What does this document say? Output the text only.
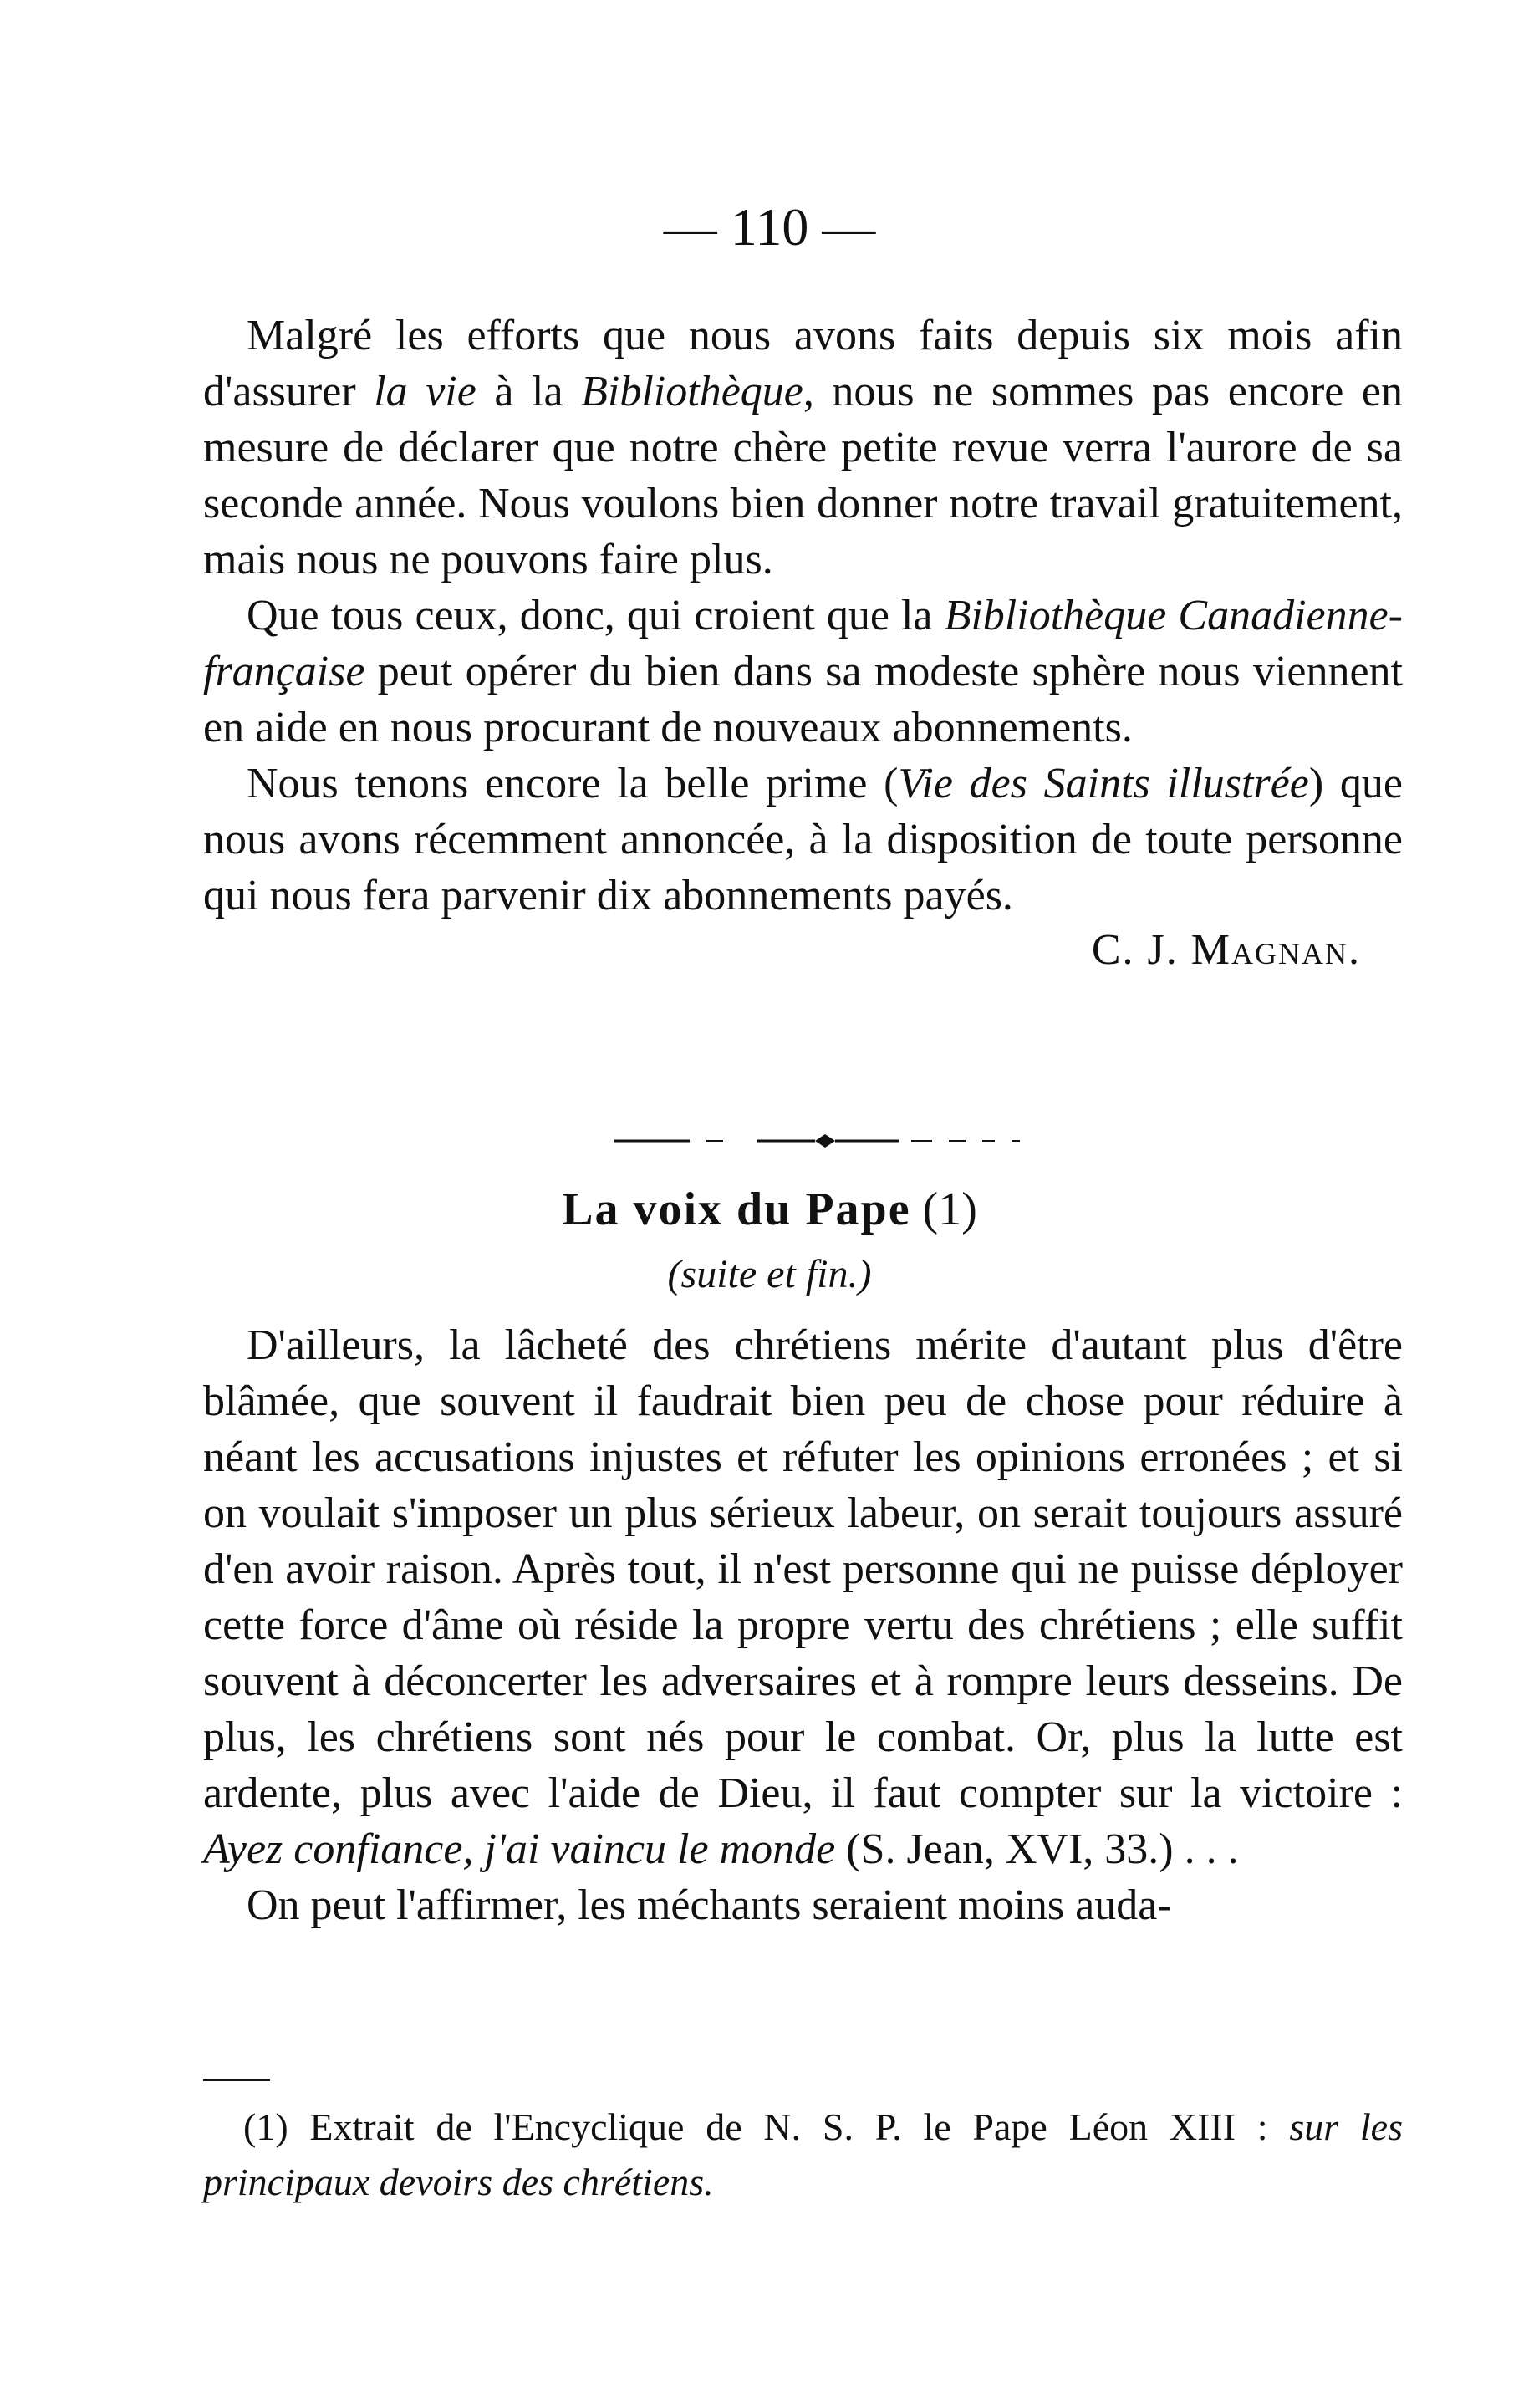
— 110 —

Malgré les efforts que nous avons faits depuis six mois afin d'assurer la vie à la Bibliothèque, nous ne sommes pas encore en mesure de déclarer que notre chère petite revue verra l'aurore de sa seconde année. Nous voulons bien donner notre travail gratuitement, mais nous ne pouvons faire plus.

Que tous ceux, donc, qui croient que la Bibliothèque Canadienne-française peut opérer du bien dans sa modeste sphère nous viennent en aide en nous procurant de nouveaux abonnements.

Nous tenons encore la belle prime (Vie des Saints illustrée) que nous avons récemment annoncée, à la disposition de toute personne qui nous fera parvenir dix abonnements payés.

C. J. Magnan.
La voix du Pape (1)
(suite et fin.)

D'ailleurs, la lâcheté des chrétiens mérite d'autant plus d'être blâmée, que souvent il faudrait bien peu de chose pour réduire à néant les accusations injustes et réfuter les opinions erronées ; et si on voulait s'imposer un plus sérieux labeur, on serait toujours assuré d'en avoir raison. Après tout, il n'est personne qui ne puisse déployer cette force d'âme où réside la propre vertu des chrétiens ; elle suffit souvent à déconcerter les adversaires et à rompre leurs desseins. De plus, les chrétiens sont nés pour le combat. Or, plus la lutte est ardente, plus avec l'aide de Dieu, il faut compter sur la victoire : Ayez confiance, j'ai vaincu le monde (S. Jean, XVI, 33.) . . .

On peut l'affirmer, les méchants seraient moins auda-

(1) Extrait de l'Encyclique de N. S. P. le Pape Léon XIII : sur les principaux devoirs des chrétiens.
